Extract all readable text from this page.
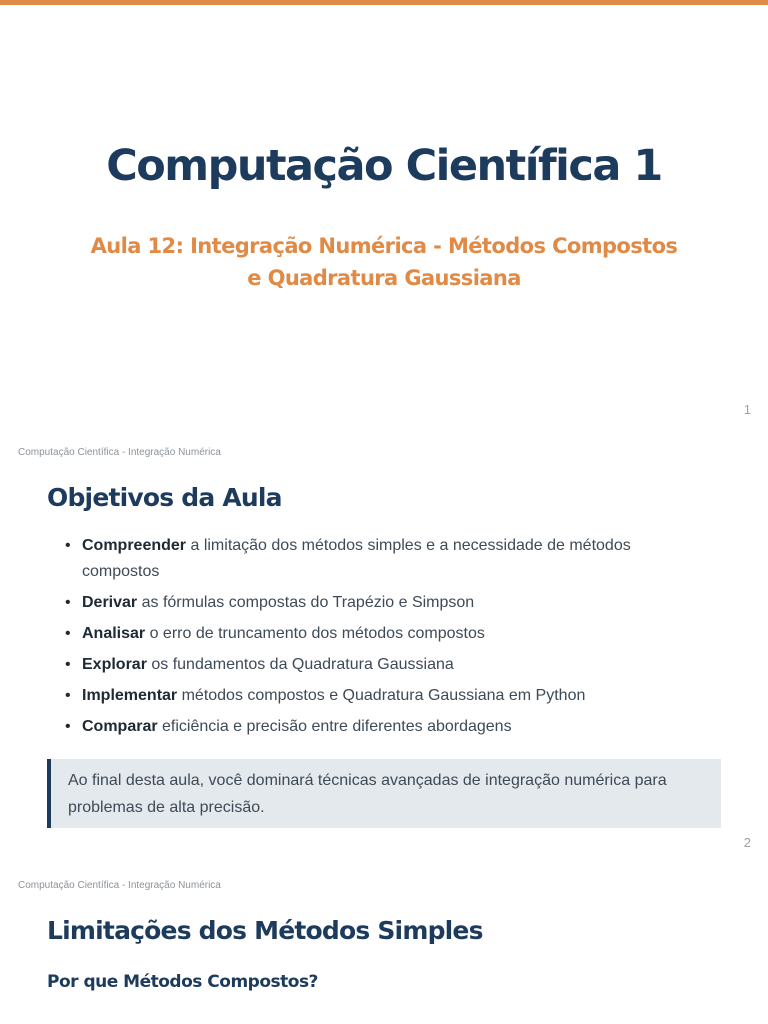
Computação Científica 1
Aula 12: Integração Numérica - Métodos Compostos e Quadratura Gaussiana
1
Computação Científica - Integração Numérica
Objetivos da Aula
• Compreender a limitação dos métodos simples e a necessidade de métodos compostos
• Derivar as fórmulas compostas do Trapézio e Simpson
• Analisar o erro de truncamento dos métodos compostos
• Explorar os fundamentos da Quadratura Gaussiana
• Implementar métodos compostos e Quadratura Gaussiana em Python
• Comparar eficiência e precisão entre diferentes abordagens
Ao final desta aula, você dominará técnicas avançadas de integração numérica para problemas de alta precisão.
2
Computação Científica - Integração Numérica
Limitações dos Métodos Simples
Por que Métodos Compostos?
